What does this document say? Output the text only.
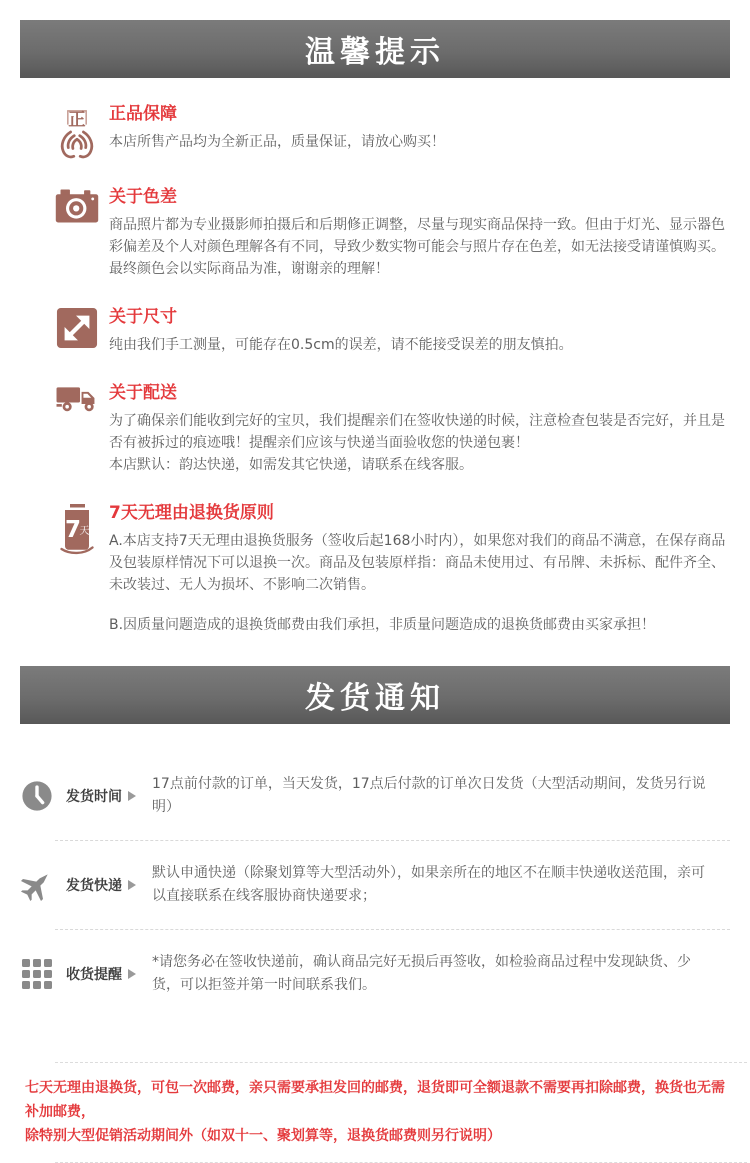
温馨提示
正 正品保障
本店所售产品均为全新正品，质量保证，请放心购买！
关于色差
商品照片都为专业摄影师拍摄后和后期修正调整，尽量与现实商品保持一致。但由于灯光、显示器色彩偏差及个人对颜色理解各有不同，导致少数实物可能会与照片存在色差，如无法接受请谨慎购买。
最终颜色会以实际商品为准，谢谢亲的理解！
关于尺寸
纯由我们手工测量，可能存在0.5cm的误差，请不能接受误差的朋友慎拍。
关于配送
为了确保亲们能收到完好的宝贝，我们提醒亲们在签收快递的时候，注意检查包装是否完好，并且是否有被拆过的痕迹哦！提醒亲们应该与快递当面验收您的快递包裹！
本店默认：韵达快递，如需发其它快递，请联系在线客服。
7
天
7天无理由退换货原则
A.本店支持7天无理由退换货服务（签收后起168小时内），如果您对我们的商品不满意，在保存商品及包装原样情况下可以退换一次。商品及包装原样指：商品未使用过、有吊牌、未拆标、配件齐全、未改装过、无人为损坏、不影响二次销售。
B.因质量问题造成的退换货邮费由我们承担，非质量问题造成的退换货邮费由买家承担！
发货通知
发货时间
17点前付款的订单，当天发货，17点后付款的订单次日发货（大型活动期间，发货另行说明）
发货快递
默认申通快递（除聚划算等大型活动外），如果亲所在的地区不在顺丰快递收送范围，亲可以直接联系在线客服协商快递要求；
收货提醒
*请您务必在签收快递前，确认商品完好无损后再签收，如检验商品过程中发现缺货、少货，可以拒签并第一时间联系我们。
七天无理由退换货，可包一次邮费，亲只需要承担发回的邮费，退货即可全额退款不需要再扣除邮费，换货也无需补加邮费，
除特别大型促销活动期间外（如双十一、聚划算等，退换货邮费则另行说明）
